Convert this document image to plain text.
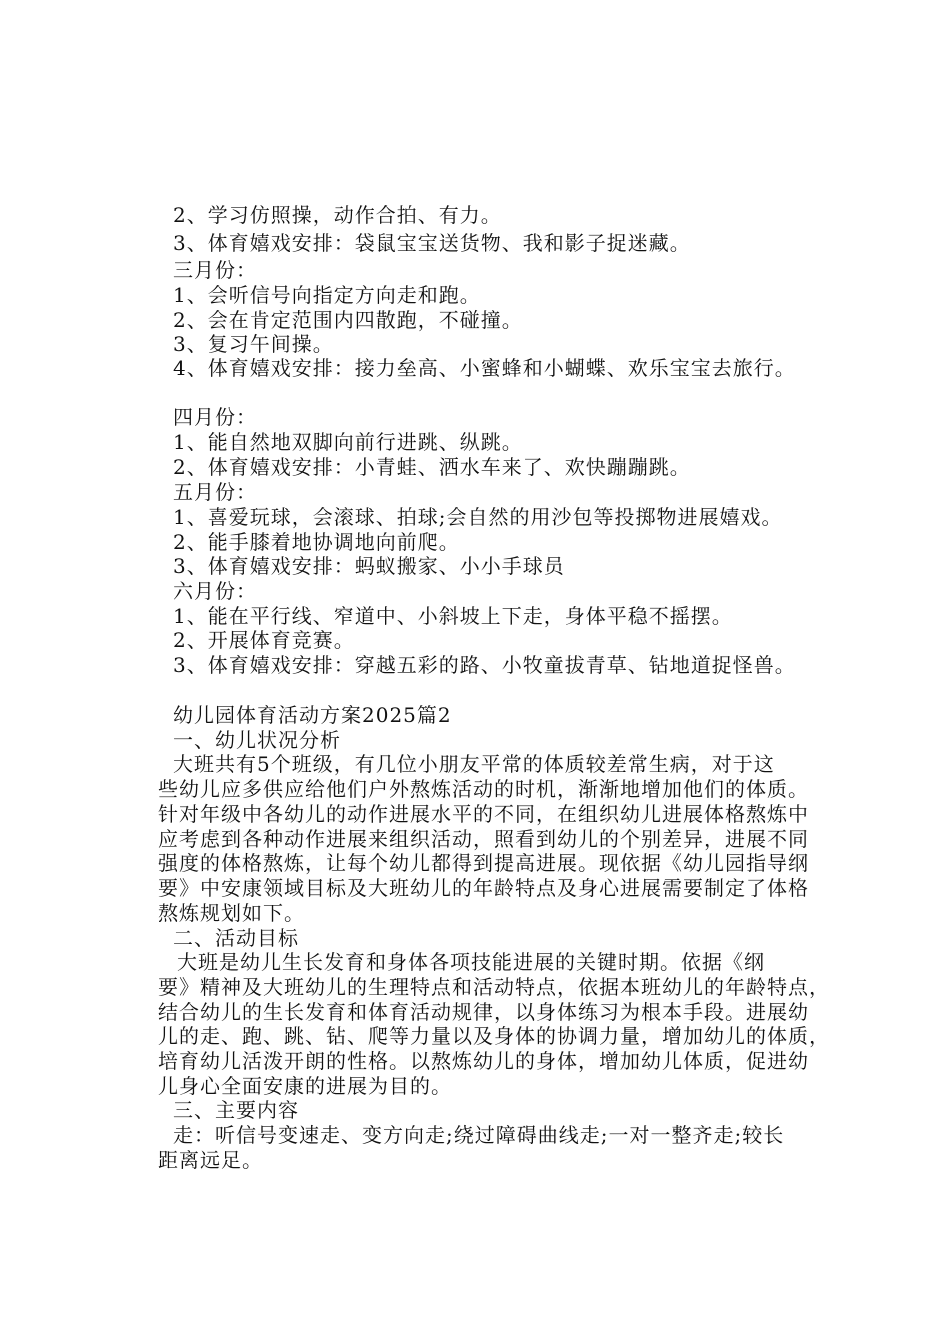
2、学习仿照操，动作合拍、有力。
3、体育嬉戏安排：袋鼠宝宝送货物、我和影子捉迷藏。
三月份：
1、会听信号向指定方向走和跑。
2、会在肯定范围内四散跑，不碰撞。
3、复习午间操。
4、体育嬉戏安排：接力垒高、小蜜蜂和小蝴蝶、欢乐宝宝去旅行。
四月份：
1、能自然地双脚向前行进跳、纵跳。
2、体育嬉戏安排：小青蛙、洒水车来了、欢快蹦蹦跳。
五月份：
1、喜爱玩球，会滚球、拍球;会自然的用沙包等投掷物进展嬉戏。
2、能手膝着地协调地向前爬。
3、体育嬉戏安排：蚂蚁搬家、小小手球员
六月份：
1、能在平行线、窄道中、小斜坡上下走，身体平稳不摇摆。
2、开展体育竞赛。
3、体育嬉戏安排：穿越五彩的路、小牧童拔青草、钻地道捉怪兽。
幼儿园体育活动方案2025篇2
一、幼儿状况分析
大班共有5个班级，有几位小朋友平常的体质较差常生病，对于这
些幼儿应多供应给他们户外熬炼活动的时机，渐渐地增加他们的体质。
针对年级中各幼儿的动作进展水平的不同，在组织幼儿进展体格熬炼中
应考虑到各种动作进展来组织活动，照看到幼儿的个别差异，进展不同
强度的体格熬炼，让每个幼儿都得到提高进展。现依据《幼儿园指导纲
要》中安康领域目标及大班幼儿的年龄特点及身心进展需要制定了体格
熬炼规划如下。
二、活动目标
大班是幼儿生长发育和身体各项技能进展的关键时期。依据《纲
要》精神及大班幼儿的生理特点和活动特点，依据本班幼儿的年龄特点，
结合幼儿的生长发育和体育活动规律，以身体练习为根本手段。进展幼
儿的走、跑、跳、钻、爬等力量以及身体的协调力量，增加幼儿的体质，
培育幼儿活泼开朗的性格。以熬炼幼儿的身体，增加幼儿体质，促进幼
儿身心全面安康的进展为目的。
三、主要内容
走：听信号变速走、变方向走;绕过障碍曲线走;一对一整齐走;较长
距离远足。
